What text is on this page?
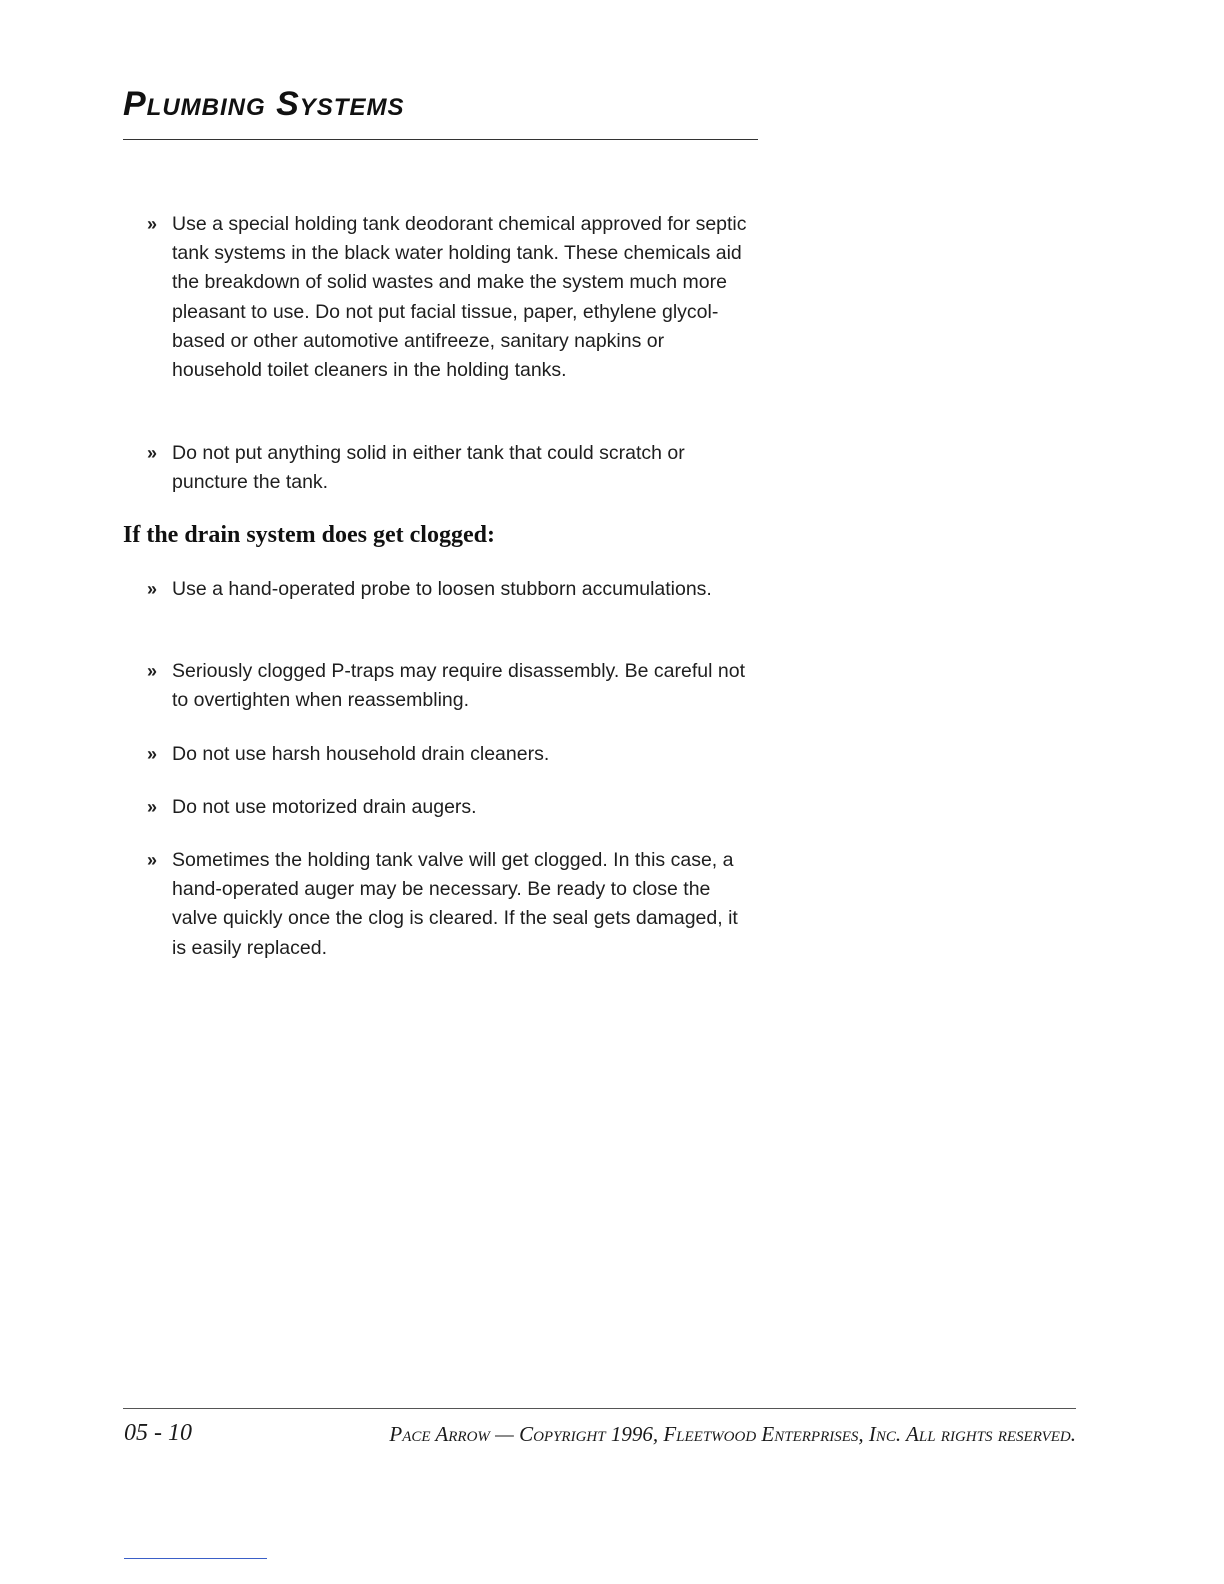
Plumbing Systems
» Use a special holding tank deodorant chemical approved for septic tank systems in the black water holding tank. These chemicals aid the breakdown of solid wastes and make the system much more pleasant to use. Do not put facial tissue, paper, ethylene glycol-based or other automotive antifreeze, sanitary napkins or household toilet cleaners in the holding tanks.
» Do not put anything solid in either tank that could scratch or puncture the tank.
If the drain system does get clogged:
» Use a hand-operated probe to loosen stubborn accumulations.
» Seriously clogged P-traps may require disassembly. Be careful not to overtighten when reassembling.
» Do not use harsh household drain cleaners.
» Do not use motorized drain augers.
» Sometimes the holding tank valve will get clogged. In this case, a hand-operated auger may be necessary. Be ready to close the valve quickly once the clog is cleared. If the seal gets damaged, it is easily replaced.
05 - 10	Pace Arrow — Copyright 1996, Fleetwood Enterprises, Inc. All rights reserved.
